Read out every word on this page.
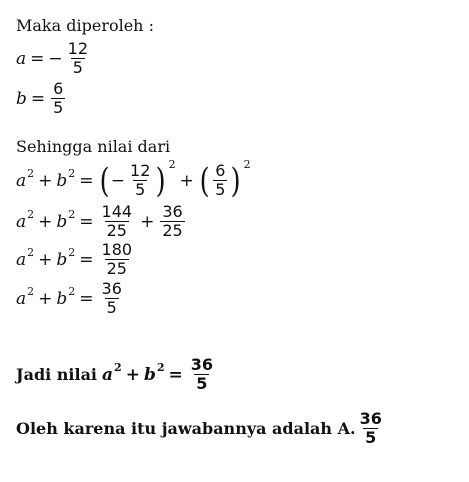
Maka diperoleh :
a = − $\frac{12}{5}$
$b = \frac{6}{5}$
Sehingga nilai dari
a 2 + b 2 = ( − $\frac{12}{5}$ ) 2
+ ( $\frac{6}{5}$ ) 2
a 2 + b $2 = \frac{144}{25} + \frac{36}{25}$
a 2 + b $2 = \frac{180}{25}$
a 2 + b $2 = \frac{36}{5}$
Jadi nilai a 2 + b $2 = \frac{36}{5}$
Oleh karena itu jawabannya adalah A. $\frac{36}{5}$
